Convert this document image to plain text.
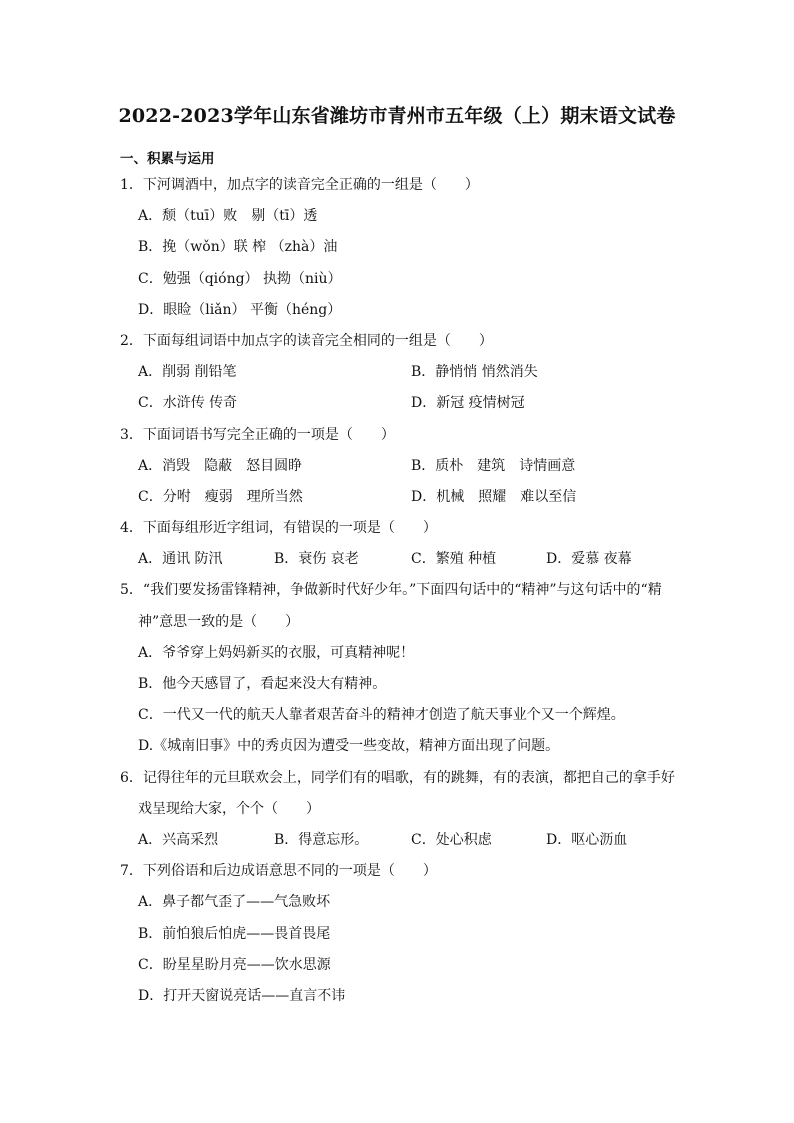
2022-2023学年山东省潍坊市青州市五年级（上）期末语文试卷
一、积累与运用
1．下河调酒中，加点字的读音完全正确的一组是（　　）
A．颓（tuī）败　剔（tī）透
B．挽（wǒn）联 榨 （zhà）油
C．勉强（qióng） 执拗（niù）
D．眼睑（liǎn） 平衡（héng）
2．下面每组词语中加点字的读音完全相同的一组是（　　）
A．削弱 削铅笔	B．静悄悄 悄然消失
C．水浒传 传奇	D．新冠 疫情树冠
3．下面词语书写完全正确的一项是（　　）
A．消毁　隐蔽　怒目圆睁	B．质朴　建筑　诗情画意
C．分咐　瘦弱　理所当然	D．机械　照耀　难以至信
4．下面每组形近字组词，有错误的一项是（　　）
A．通讯 防汛	B．衰伤 哀老	C．繁殖 种植	D．爱慕 夜幕
5．“我们要发扬雷锋精神，争做新时代好少年。”下面四句话中的“精神”与这句话中的“精
神”意思一致的是（　　）
A．爷爷穿上妈妈新买的衣服，可真精神呢！
B．他今天感冒了，看起来没大有精神。
C．一代又一代的航天人靠者艰苦奋斗的精神才创造了航天事业个又一个辉煌。
D.《城南旧事》中的秀贞因为遭受一些变故，精神方面出现了问题。
6．记得往年的元旦联欢会上，同学们有的唱歌，有的跳舞，有的表演，都把自己的拿手好
戏呈现给大家，个个（　　）
A．兴高采烈	B．得意忘形。	C．处心积虑	D．呕心沥血
7．下列俗语和后边成语意思不同的一项是（　　）
A．鼻子都气歪了——气急败坏
B．前怕狼后怕虎——畏首畏尾
C．盼星星盼月亮——饮水思源
D．打开天窗说亮话——直言不讳
